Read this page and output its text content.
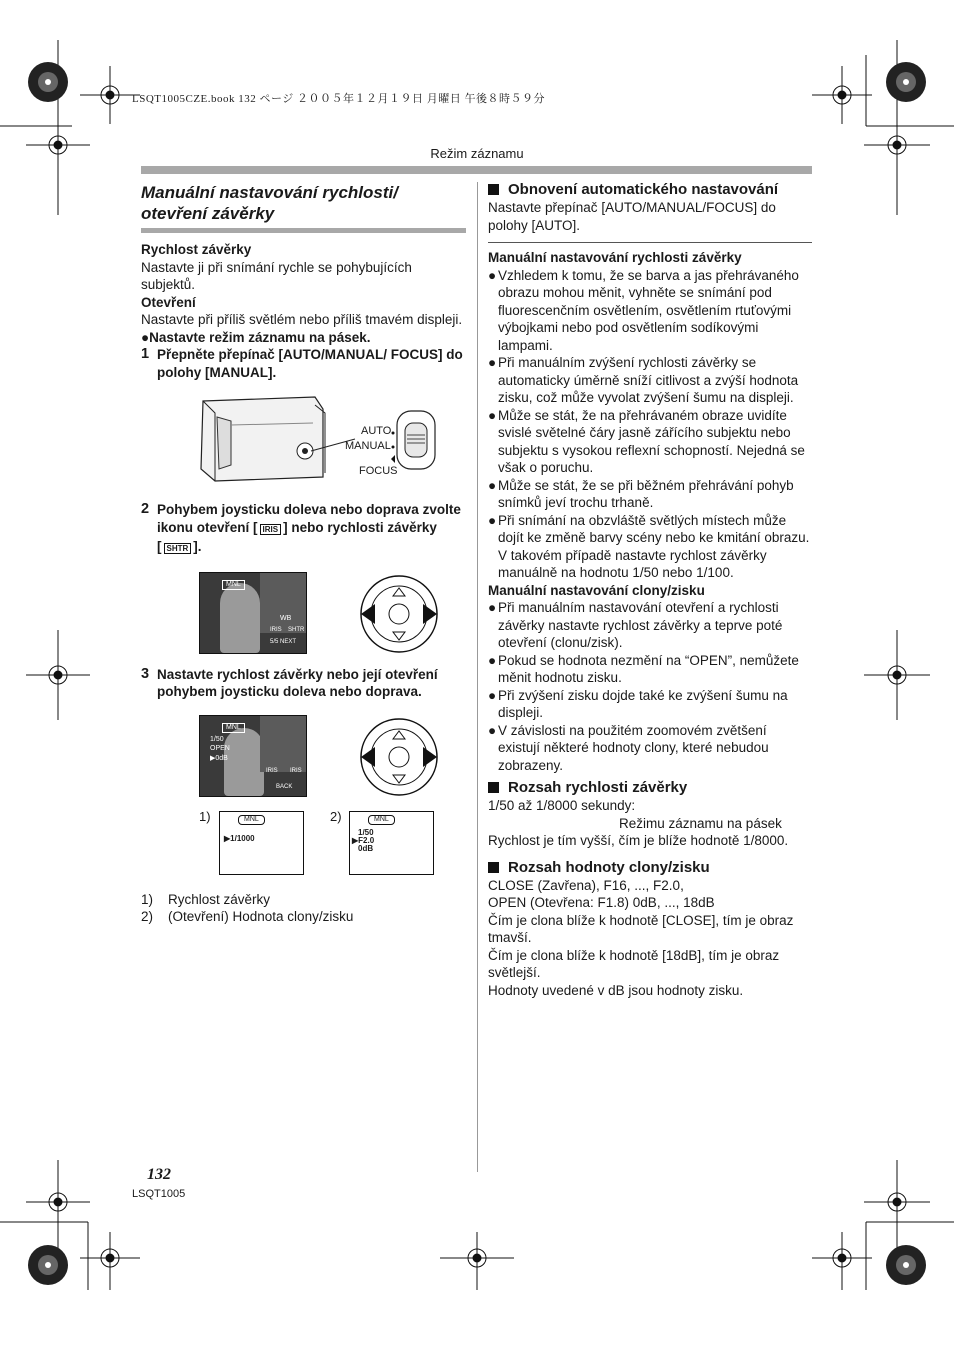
LSQT1005CZE.book 132 ページ ２００５年１２月１９日 月曜日 午後８時５９分
Režim záznamu
Manuální nastavování rychlosti/ otevření závěrky

Rychlost závěrky

Nastavte ji při snímání rychle se pohybujících subjektů.

Otevření

Nastavte při příliš světlém nebo příliš tmavém displeji.

●Nastavte režim záznamu na pásek.

1 Přepněte přepínač [AUTO/MANUAL/ FOCUS] do polohy [MANUAL].
AUTO
MANUAL
FOCUS
2 Pohybem joysticku doleva nebo doprava zvolte ikonu otevření [ IRIS ] nebo rychlosti závěrky [ SHTR ].
MNL
WB
IRIS SHTR
5/5 NEXT
3 Nastavte rychlost závěrky nebo její otevření pohybem joysticku doleva nebo doprava.
MNL
1/50
OPEN
▶0dB
IRIS IRIS
BACK
1)	MNL
▶1/1000
2)	MNL
1/50
▶F2.0
0dB

1)    Rychlost závěrky

2)    (Otevření) Hodnota clony/zisku

Obnovení automatického nastavování

Nastavte přepínač [AUTO/MANUAL/FOCUS] do polohy [AUTO].

Manuální nastavování rychlosti závěrky

● Vzhledem k tomu, že se barva a jas přehrávaného obrazu mohou měnit, vyhněte se snímání pod fluorescenčním osvětlením, osvětlením rtuťovými výbojkami nebo pod osvětlením sodíkovými lampami.
● Při manuálním zvýšení rychlosti závěrky se automaticky úměrně sníží citlivost a zvýší hodnota zisku, což může vyvolat zvýšení šumu na displeji.
● Může se stát, že na přehrávaném obraze uvidíte svislé světelné čáry jasně zářícího subjektu nebo subjektu s vysokou reflexní schopností. Nejedná se však o poruchu.
● Může se stát, že se při běžném přehrávání pohyb snímků jeví trochu trhaně.
● Při snímání na obzvláště světlých místech může dojít ke změně barvy scény nebo ke kmitání obrazu. V takovém případě nastavte rychlost závěrky manuálně na hodnotu 1/50 nebo 1/100.

Manuální nastavování clony/zisku

● Při manuálním nastavování otevření a rychlosti závěrky nastavte rychlost závěrky a teprve poté otevření (clonu/zisk).
● Pokud se hodnota nezmění na “OPEN”, nemůžete měnit hodnotu zisku.
● Při zvýšení zisku dojde také ke zvýšení šumu na displeji.
● V závislosti na použitém zoomovém zvětšení existují některé hodnoty clony, které nebudou zobrazeny.
Rozsah rychlosti závěrky

1/50 až 1/8000 sekundy:

Režimu záznamu na pásek

Rychlost je tím vyšší, čím je blíže hodnotě 1/8000.

Rozsah hodnoty clony/zisku

CLOSE (Zavřena), F16, ..., F2.0,

OPEN (Otevřena: F1.8) 0dB, ..., 18dB

Čím je clona blíže k hodnotě [CLOSE], tím je obraz tmavší.

Čím je clona blíže k hodnotě [18dB], tím je obraz světlejší.

Hodnoty uvedené v dB jsou hodnoty zisku.

132
LSQT1005
